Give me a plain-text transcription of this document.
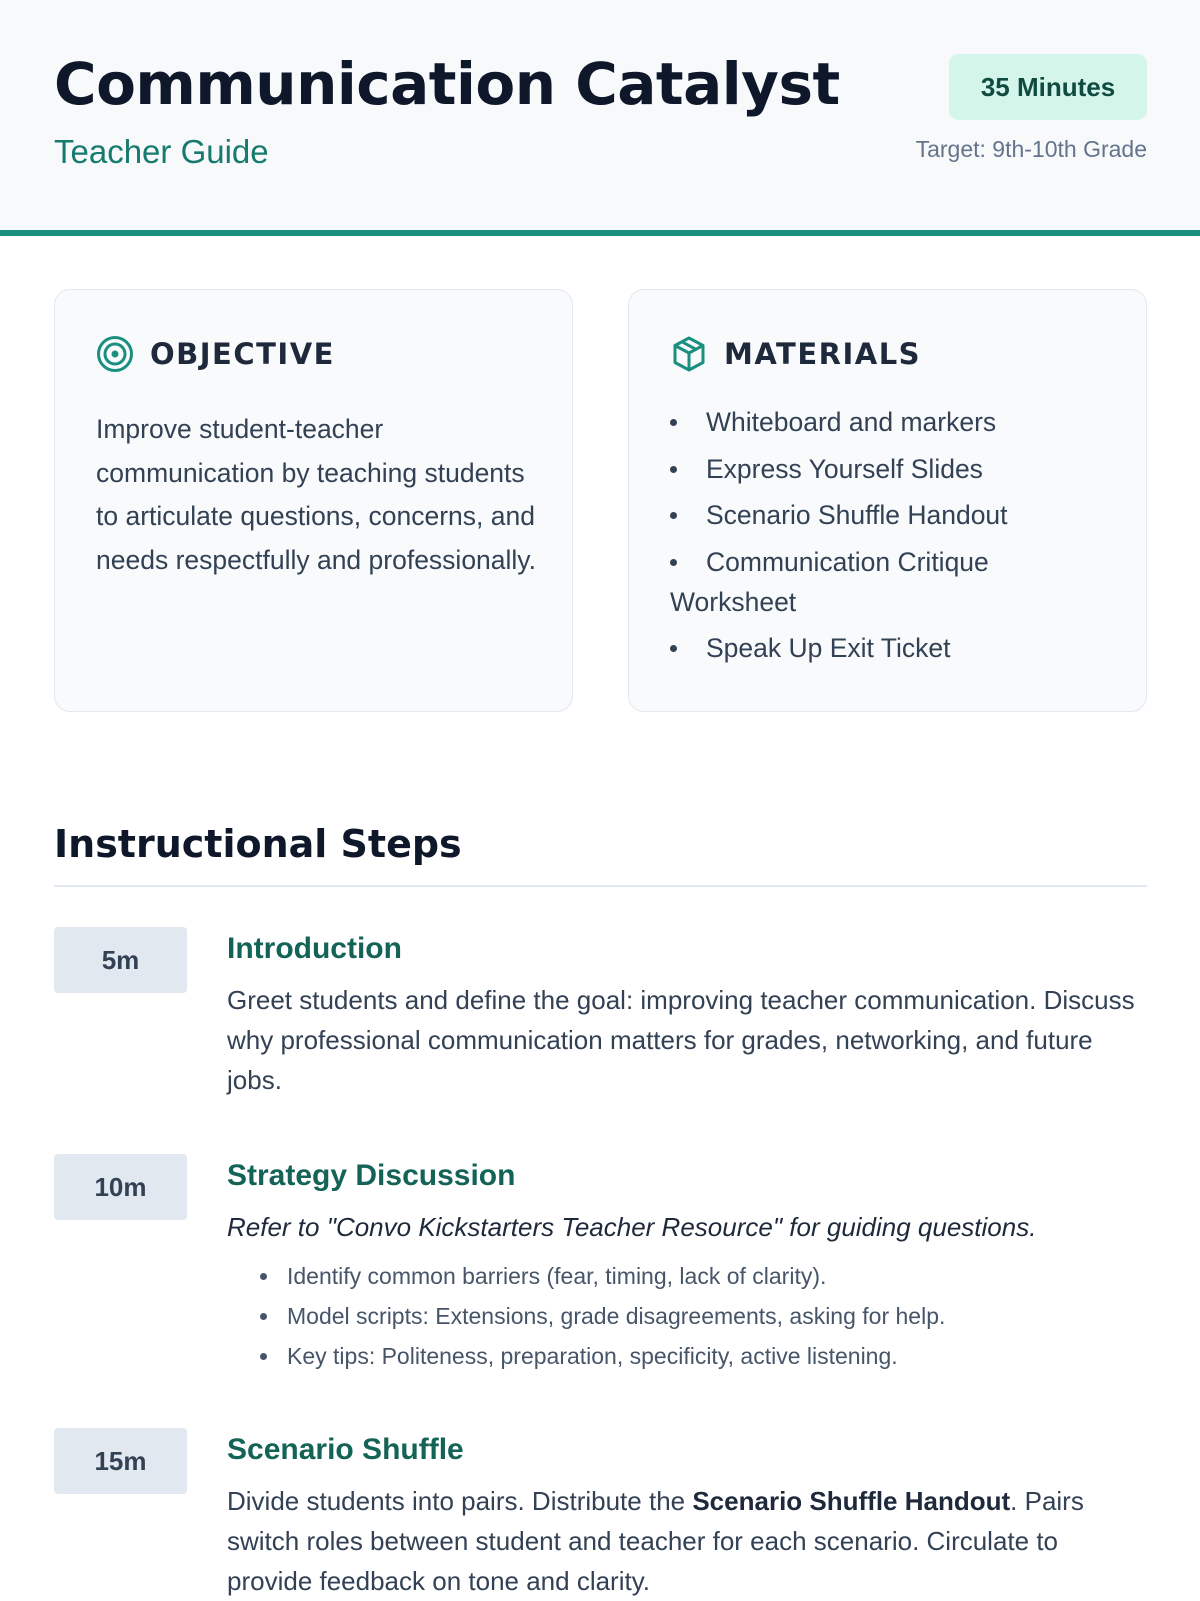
Communication Catalyst
Teacher Guide
35 Minutes
Target: 9th-10th Grade
OBJECTIVE

Improve student-teacher communication by teaching students to articulate questions, concerns, and needs respectfully and professionally.

MATERIALS
Whiteboard and markers
Express Yourself Slides
Scenario Shuffle Handout
Communication Critique Worksheet
Speak Up Exit Ticket
Instructional Steps
5m	Introduction

Greet students and define the goal: improving teacher communication. Discuss why professional communication matters for grades, networking, and future jobs.

10m	Strategy Discussion

Refer to "Convo Kickstarters Teacher Resource" for guiding questions.

Identify common barriers (fear, timing, lack of clarity).
Model scripts: Extensions, grade disagreements, asking for help.
Key tips: Politeness, preparation, specificity, active listening.
15m	Scenario Shuffle

Divide students into pairs. Distribute the Scenario Shuffle Handout. Pairs switch roles between student and teacher for each scenario. Circulate to provide feedback on tone and clarity.
